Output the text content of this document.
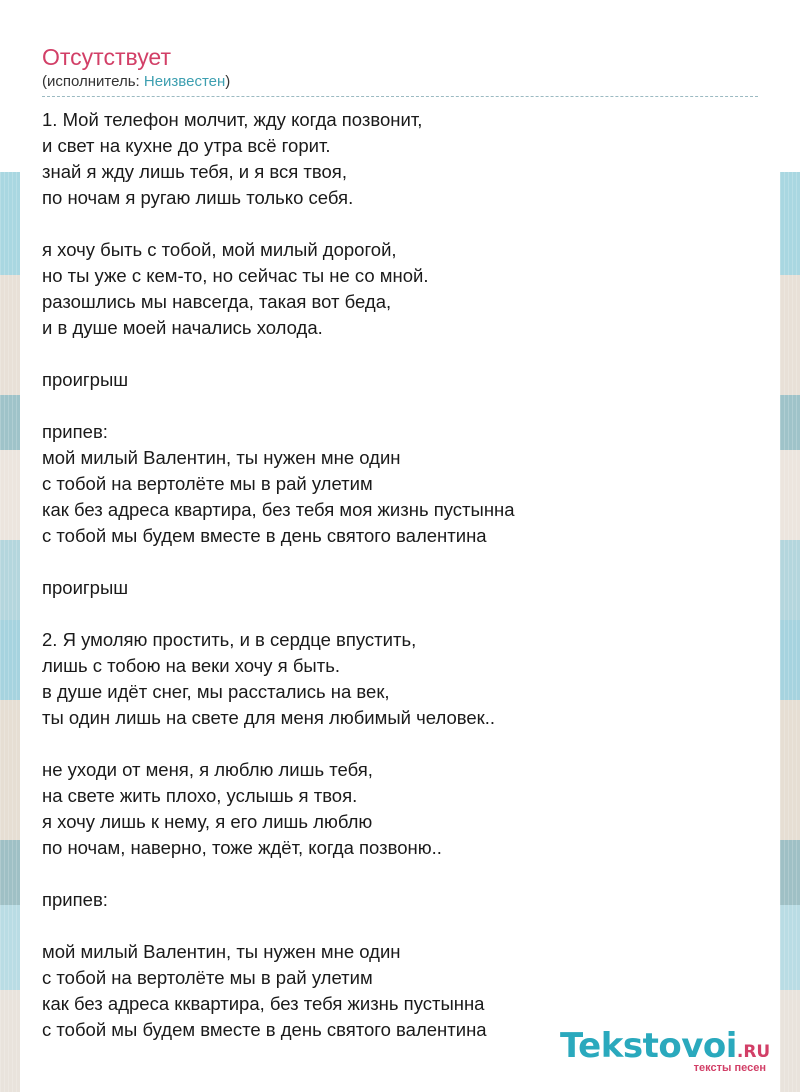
Отсутствует
(исполнитель: Неизвестен)
1. Мой телефон молчит, жду когда позвонит,
и свет на кухне до утра всё горит.
знай я жду лишь тебя, и я вся твоя,
по ночам я ругаю лишь только себя.
я хочу быть с тобой, мой милый дорогой,
но ты уже с кем-то, но сейчас ты не со мной.
разошлись мы навсегда, такая вот беда,
и в душе моей начались холода.
проигрыш
припев:
мой милый Валентин, ты нужен мне один
с тобой на вертолёте мы в рай улетим
как без адреса квартира, без тебя моя жизнь пустынна
с тобой мы будем вместе в день святого валентина
проигрыш
2. Я умоляю простить, и в сердце впустить,
лишь с тобою на веки хочу я быть.
в душе идёт снег, мы расстались на век,
ты один лишь на свете для меня любимый человек..
не уходи от меня, я люблю лишь тебя,
на свете жить плохо, услышь я твоя.
я хочу лишь к нему, я его лишь люблю
по ночам, наверно, тоже ждёт, когда позвоню..
припев:
мой милый Валентин, ты нужен мне один
с тобой на вертолёте мы в рай улетим
как без адреса кквартира, без тебя жизнь пустынна
с тобой мы будем вместе в день святого валентина	Tekstovoi.RU
тексты песен
